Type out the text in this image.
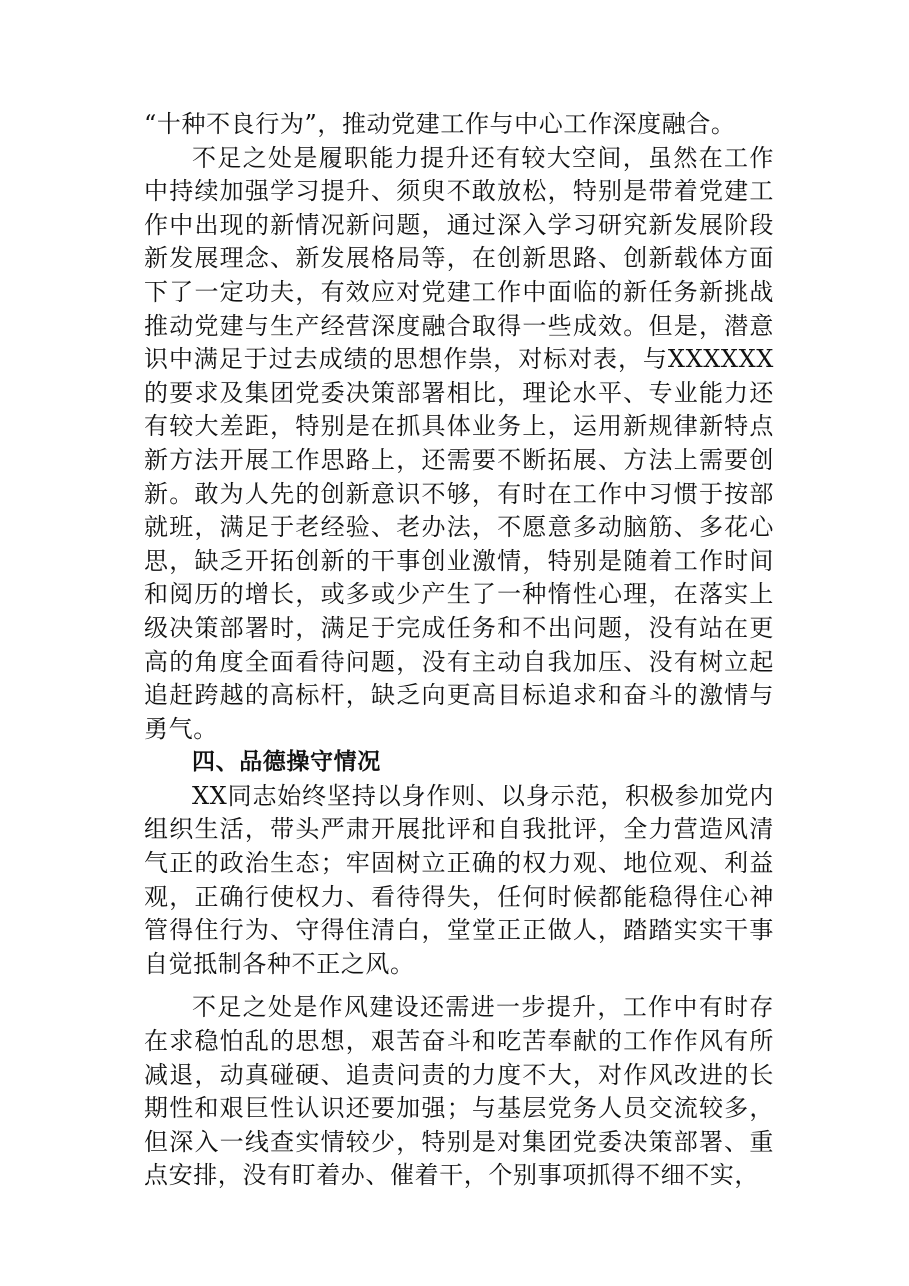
“十种不良行为”，推动党建工作与中心工作深度融合。

不足之处是履职能力提升还有较大空间，虽然在工作中持续加强学习提升、须臾不敢放松，特别是带着党建工作中出现的新情况新问题，通过深入学习研究新发展阶段新发展理念、新发展格局等，在创新思路、创新载体方面下了一定功夫，有效应对党建工作中面临的新任务新挑战推动党建与生产经营深度融合取得一些成效。但是，潜意识中满足于过去成绩的思想作祟，对标对表，与XXXXXX的要求及集团党委决策部署相比，理论水平、专业能力还有较大差距，特别是在抓具体业务上，运用新规律新特点新方法开展工作思路上，还需要不断拓展、方法上需要创新。敢为人先的创新意识不够，有时在工作中习惯于按部就班，满足于老经验、老办法，不愿意多动脑筋、多花心思，缺乏开拓创新的干事创业激情，特别是随着工作时间和阅历的增长，或多或少产生了一种惰性心理，在落实上级决策部署时，满足于完成任务和不出问题，没有站在更高的角度全面看待问题，没有主动自我加压、没有树立起追赶跨越的高标杆，缺乏向更高目标追求和奋斗的激情与勇气。

四、品德操守情况

XX同志始终坚持以身作则、以身示范，积极参加党内组织生活，带头严肃开展批评和自我批评，全力营造风清气正的政治生态；牢固树立正确的权力观、地位观、利益观，正确行使权力、看待得失，任何时候都能稳得住心神管得住行为、守得住清白，堂堂正正做人，踏踏实实干事自觉抵制各种不正之风。

不足之处是作风建设还需进一步提升，工作中有时存在求稳怕乱的思想，艰苦奋斗和吃苦奉献的工作作风有所减退，动真碰硬、追责问责的力度不大，对作风改进的长期性和艰巨性认识还要加强；与基层党务人员交流较多，但深入一线查实情较少，特别是对集团党委决策部署、重点安排，没有盯着办、催着干，个别事项抓得不细不实，
